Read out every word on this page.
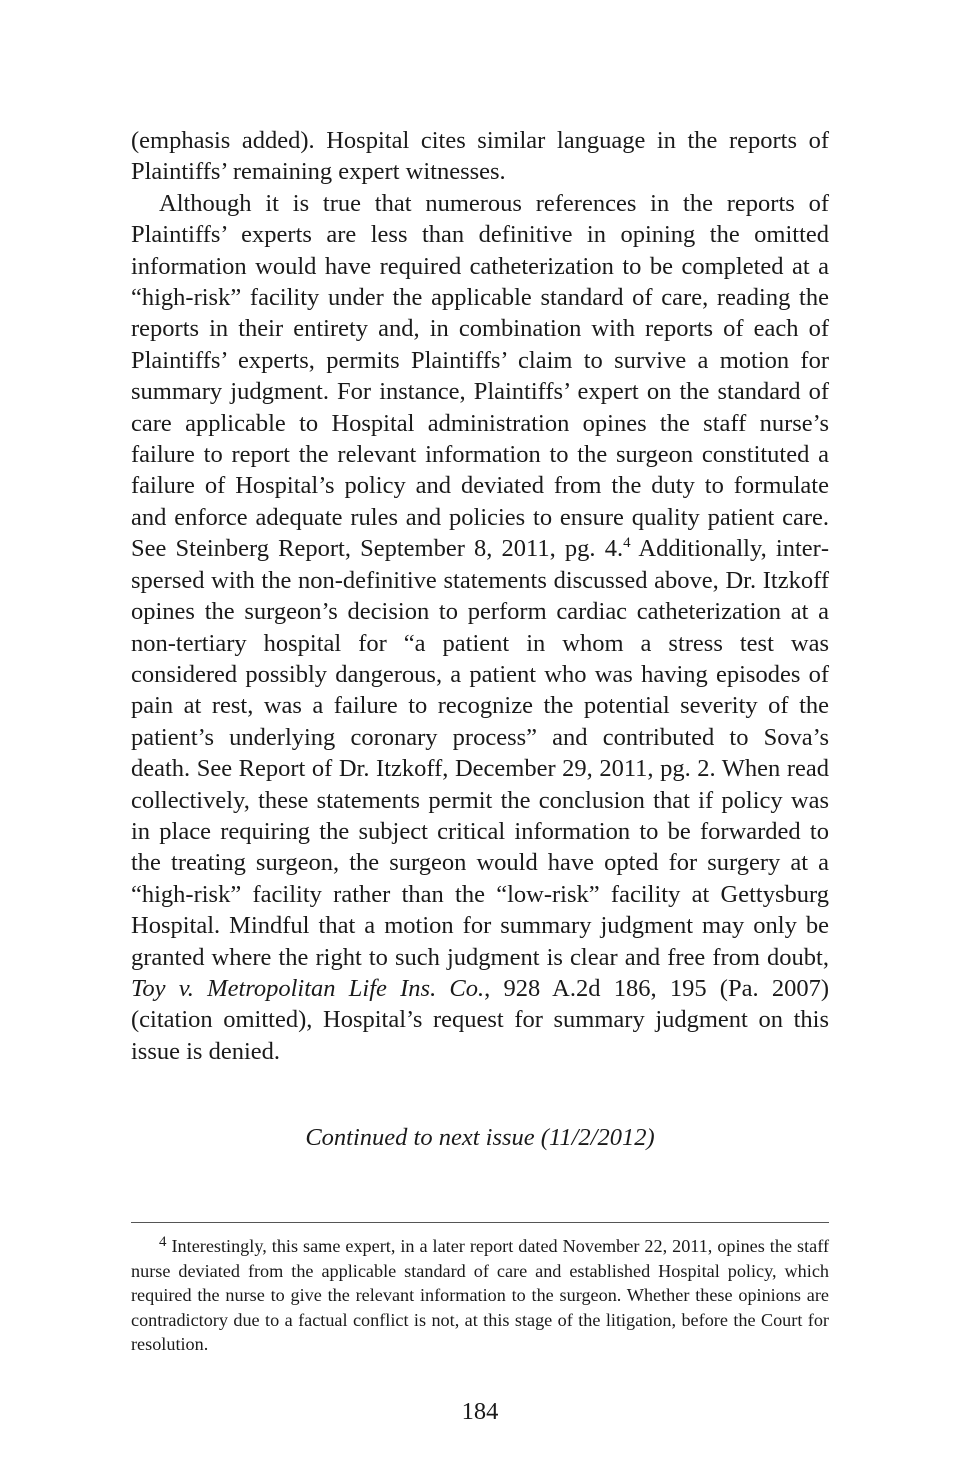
(emphasis added). Hospital cites similar language in the reports of Plaintiffs’ remaining expert witnesses.

Although it is true that numerous references in the reports of Plaintiffs’ experts are less than definitive in opining the omitted information would have required catheterization to be completed at a “high-risk” facility under the applicable standard of care, reading the reports in their entirety and, in combination with reports of each of Plaintiffs’ experts, permits Plaintiffs’ claim to survive a motion for summary judgment. For instance, Plaintiffs’ expert on the standard of care applicable to Hospital administration opines the staff nurse’s failure to report the relevant information to the surgeon constituted a failure of Hospital’s policy and deviated from the duty to formulate and enforce adequate rules and policies to ensure quality patient care. See Steinberg Report, September 8, 2011, pg. 4.$^4$ Additionally, interspersed with the non-definitive statements discussed above, Dr. Itzkoff opines the surgeon’s decision to perform cardiac catheterization at a non-tertiary hospital for “a patient in whom a stress test was considered possibly dangerous, a patient who was having episodes of pain at rest, was a failure to recognize the potential severity of the patient’s underlying coronary process” and contributed to Sova’s death. See Report of Dr. Itzkoff, December 29, 2011, pg. 2. When read collectively, these statements permit the conclusion that if policy was in place requiring the subject critical information to be forwarded to the treating surgeon, the surgeon would have opted for surgery at a “high-risk” facility rather than the “low-risk” facility at Gettysburg Hospital. Mindful that a motion for summary judgment may only be granted where the right to such judgment is clear and free from doubt, Toy v. Metropolitan Life Ins. Co., 928 A.2d 186, 195 (Pa. 2007) (citation omitted), Hospital’s request for summary judgment on this issue is denied.

Continued to next issue (11/2/2012)

$^4$ Interestingly, this same expert, in a later report dated November 22, 2011, opines the staff nurse deviated from the applicable standard of care and established Hospital policy, which required the nurse to give the relevant information to the surgeon. Whether these opinions are contradictory due to a factual conflict is not, at this stage of the litigation, before the Court for resolution.

184
